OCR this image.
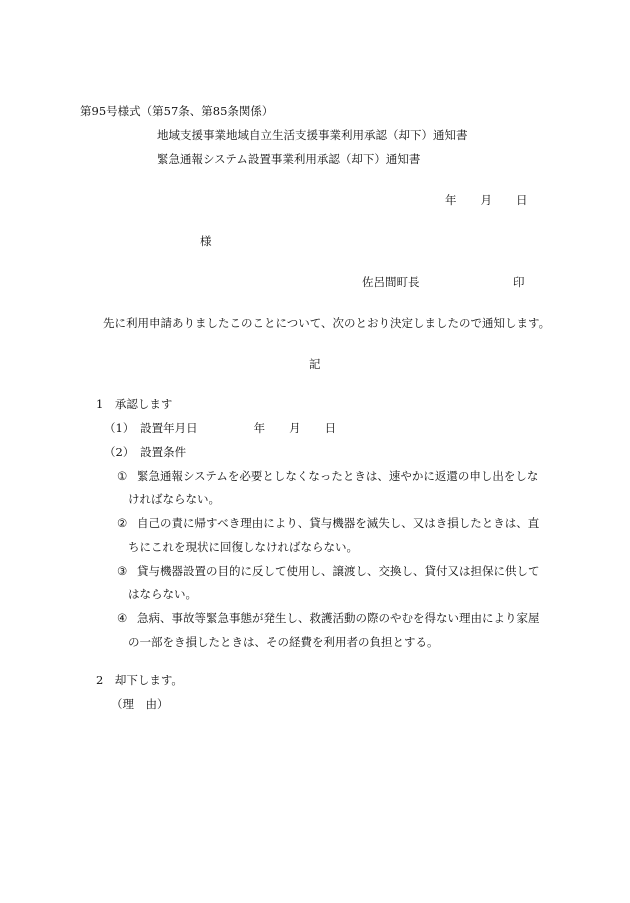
第95号様式（第57条、第85条関係）
地域支援事業地域自立生活支援事業利用承認（却下）通知書
緊急通報システム設置事業利用承認（却下）通知書
年 月 日
様
佐呂間町長	印
先に利用申請ありましたこのことについて、次のとおり決定しましたので通知します。
記
1　承認します
（1）　設置年月日	年 月 日
（2）　設置条件
① 緊急通報システムを必要としなくなったときは、速やかに返還の申し出をしな
ければならない。
② 自己の責に帰すべき理由により、貸与機器を滅失し、又はき損したときは、直
ちにこれを現状に回復しなければならない。
③ 貸与機器設置の目的に反して使用し、譲渡し、交換し、貸付又は担保に供して
はならない。
④ 急病、事故等緊急事態が発生し、救護活動の際のやむを得ない理由により家屋
の一部をき損したときは、その経費を利用者の負担とする。
2　却下します。
（理　由）
